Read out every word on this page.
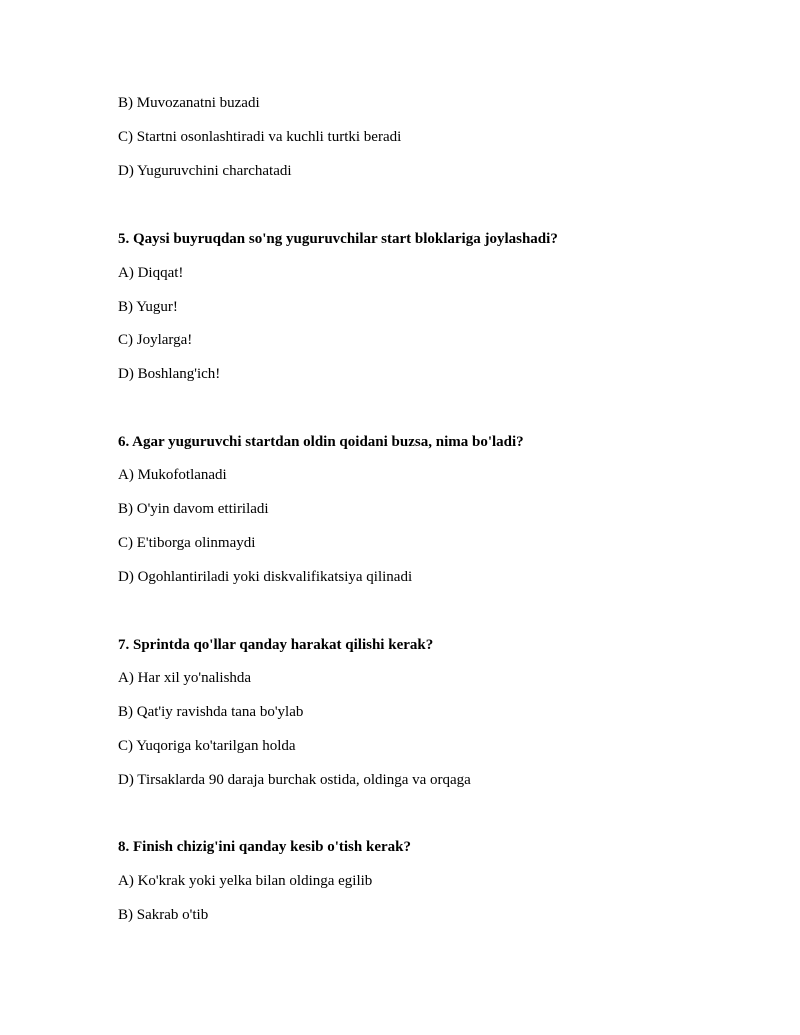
B) Muvozanatni buzadi
C) Startni osonlashtiradi va kuchli turtki beradi
D) Yuguruvchini charchatadi
5. Qaysi buyruqdan so'ng yuguruvchilar start bloklariga joylashadi?
A) Diqqat!
B) Yugur!
C) Joylarga!
D) Boshlang'ich!
6. Agar yuguruvchi startdan oldin qoidani buzsa, nima bo'ladi?
A) Mukofotlanadi
B) O'yin davom ettiriladi
C) E'tiborga olinmaydi
D) Ogohlantiriladi yoki diskvalifikatsiya qilinadi
7. Sprintda qo'llar qanday harakat qilishi kerak?
A) Har xil yo'nalishda
B) Qat'iy ravishda tana bo'ylab
C) Yuqoriga ko'tarilgan holda
D) Tirsaklarda 90 daraja burchak ostida, oldinga va orqaga
8. Finish chizig'ini qanday kesib o'tish kerak?
A) Ko'krak yoki yelka bilan oldinga egilib
B) Sakrab o'tib
